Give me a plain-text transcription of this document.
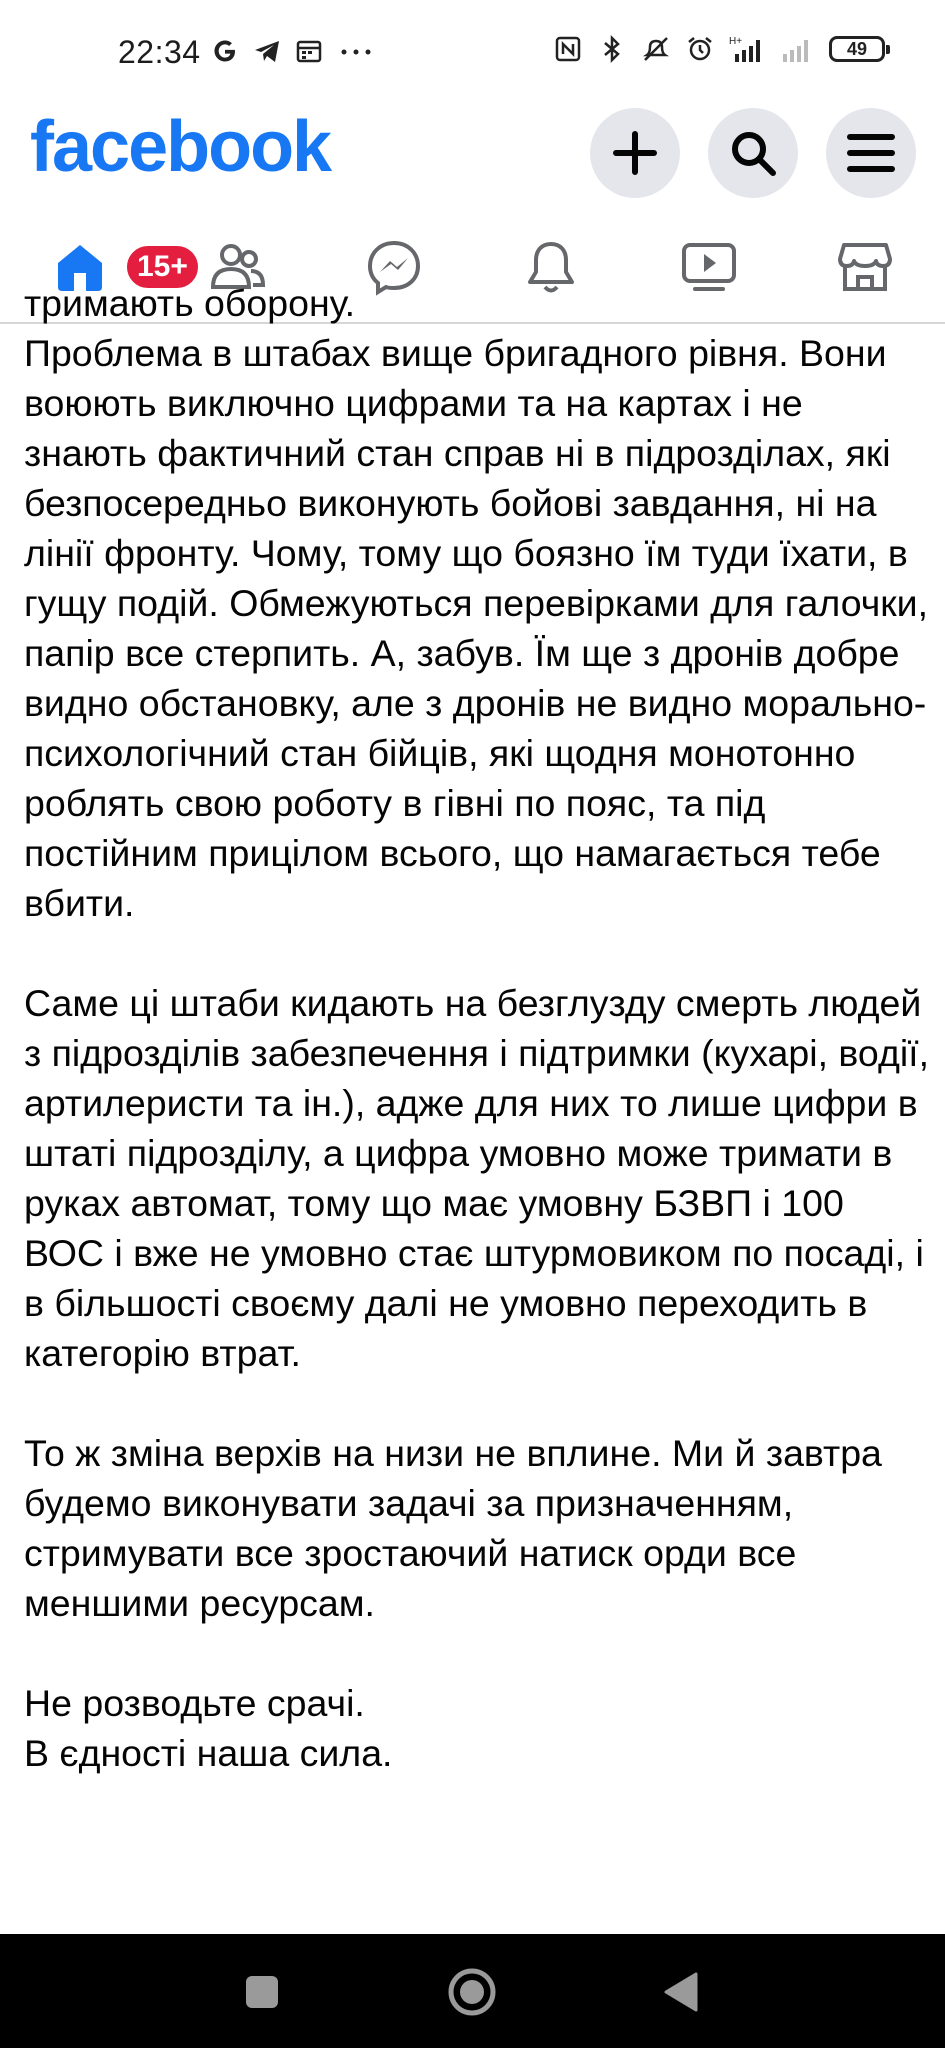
22:34	H+	49
facebook
15+

тримають оборону.
Проблема в штабах вище бригадного рівня. Вони воюють виключно цифрами та на картах і не знають фактичний стан справ ні в підрозділах, які безпосередньо виконують бойові завдання, ні на лінії фронту. Чому, тому що боязно їм туди їхати, в гущу подій. Обмежуються перевірками для галочки, папір все стерпить. А, забув. Їм ще з дронів добре видно обстановку, але з дронів не видно морально-психологічний стан бійців, які щодня монотонно роблять свою роботу в гівні по пояс, та під постійним прицілом всього, що намагається тебе вбити.

Саме ці штаби кидають на безглузду смерть людей з підрозділів забезпечення і підтримки (кухарі, водії, артилеристи та ін.), адже для них то лише цифри в штаті підрозділу, а цифра умовно може тримати в руках автомат, тому що має умовну БЗВП і 100 ВОС і вже не умовно стає штурмовиком по посаді, і в більшості своєму далі не умовно переходить в категорію втрат.

То ж зміна верхів на низи не вплине. Ми й завтра будемо виконувати задачі за призначенням, стримувати все зростаючий натиск орди все меншими ресурсам.

Не розводьте срачі.
В єдності наша сила.
